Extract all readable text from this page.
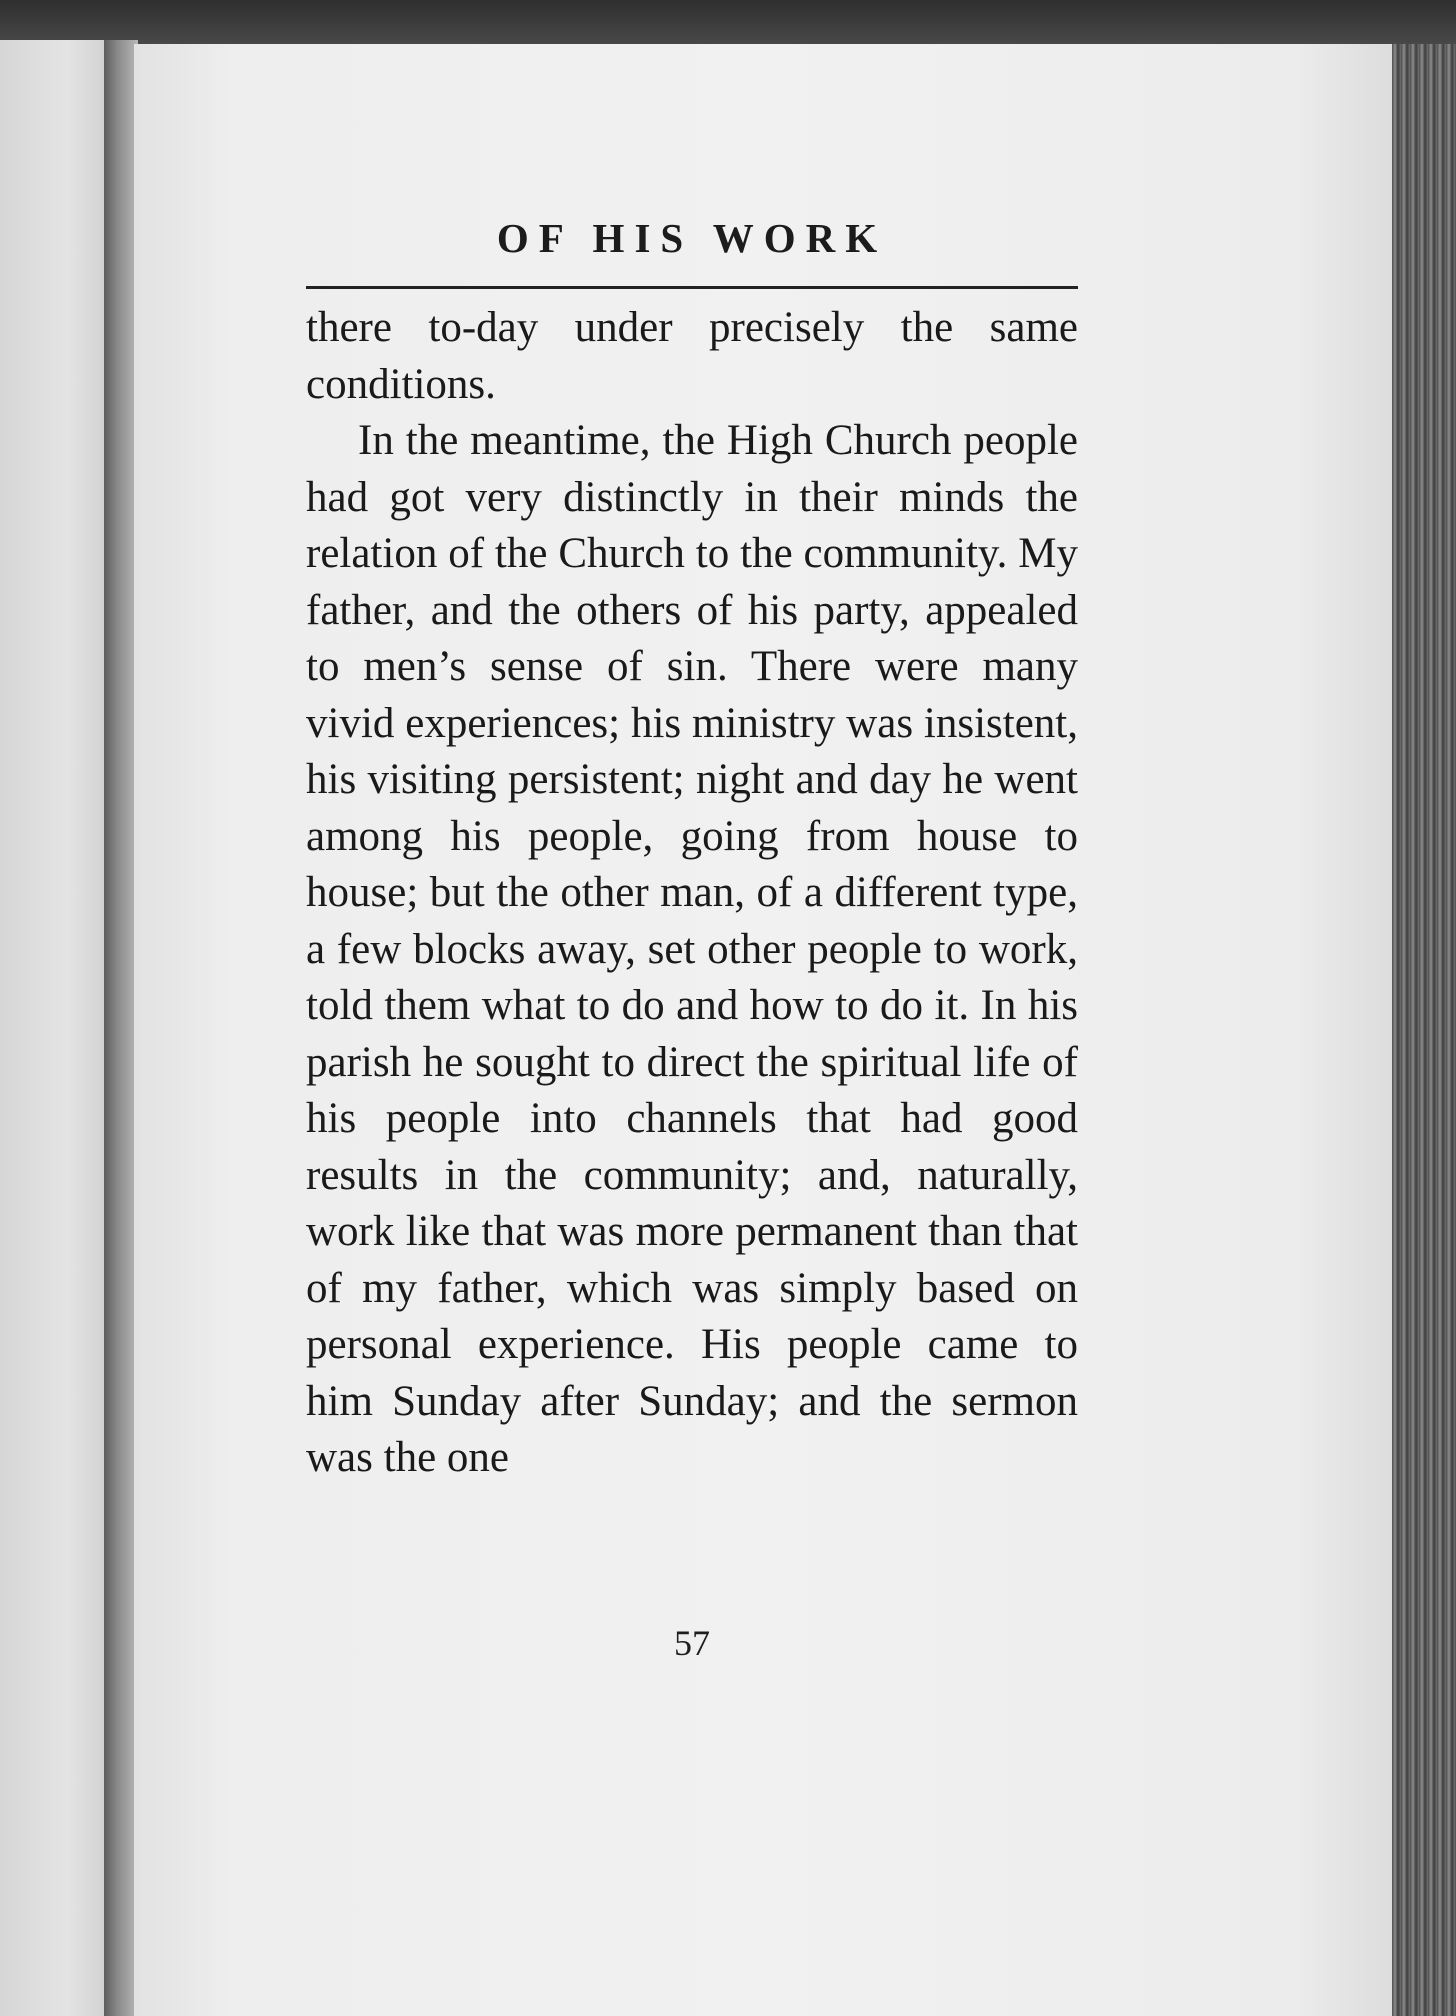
OF HIS WORK

there to-day under precisely the same conditions.

In the meantime, the High Church people had got very distinctly in their minds the relation of the Church to the community. My father, and the others of his party, appealed to men’s sense of sin. There were many vivid experiences; his ministry was insistent, his visiting persistent; night and day he went among his people, going from house to house; but the other man, of a different type, a few blocks away, set other people to work, told them what to do and how to do it. In his parish he sought to direct the spiritual life of his people into channels that had good results in the community; and, naturally, work like that was more permanent than that of my father, which was simply based on personal experience. His people came to him Sunday after Sunday; and the sermon was the one

57
